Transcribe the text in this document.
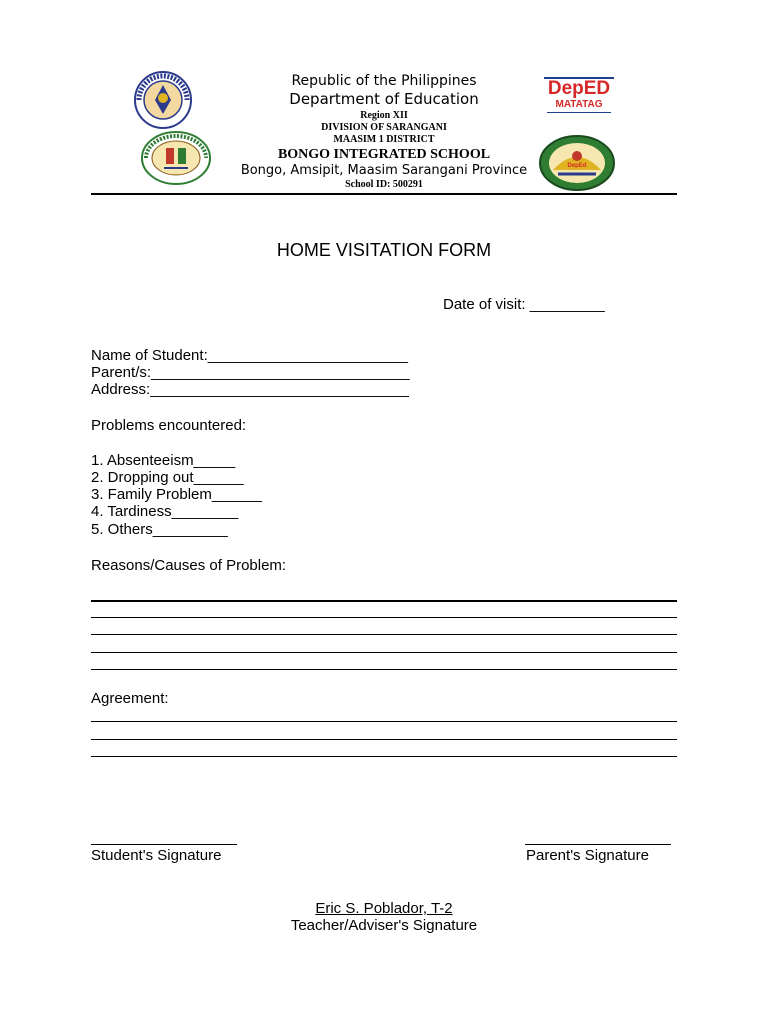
DepED
MATATAG
DepEd
Republic of the Philippines
Department of Education
Region XII
DIVISION OF SARANGANI
MAASIM 1 DISTRICT
BONGO INTEGRATED SCHOOL
Bongo, Amsipit, Maasim Sarangani Province
School ID: 500291
HOME VISITATION FORM
Date of visit: _________
Name of Student:________________________
Parent/s:_______________________________
Address:_______________________________
Problems encountered:
1. Absenteeism_____
2. Dropping out______
3. Family Problem______
4. Tardiness________
5. Others_________
Reasons/Causes of Problem:
Agreement:
Student's Signature	Parent's Signature
Eric S. Poblador, T-2
Teacher/Adviser's Signature
